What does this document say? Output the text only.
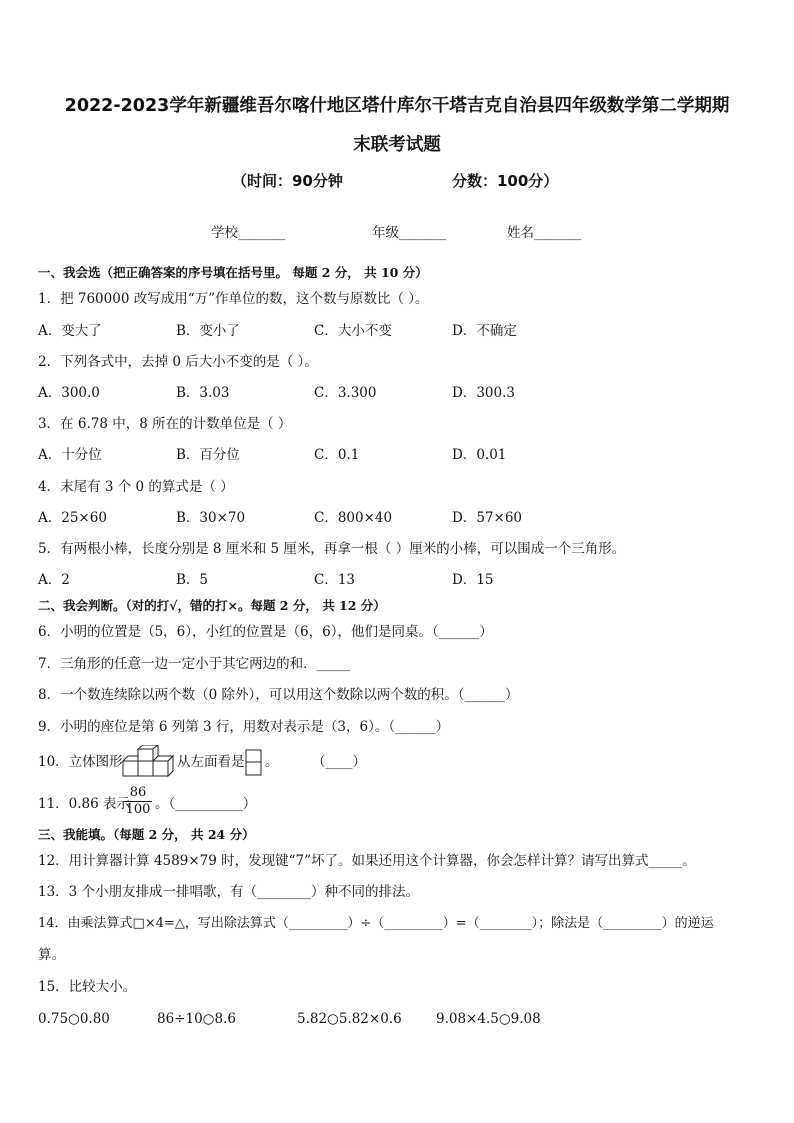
2022-2023学年新疆维吾尔喀什地区塔什库尔干塔吉克自治县四年级数学第二学期期
末联考试题
（时间：90分钟	分数：100分）
学校_______	年级_______	姓名_______
一、我会选（把正确答案的序号填在括号里。 每题 2 分， 共 10 分）
1．把 760000 改写成用“万”作单位的数，这个数与原数比（ ）。
A．变大了	B．变小了	C．大小不变	D．不确定
2．下列各式中，去掉 0 后大小不变的是（ ）。
A．300.0	B．3.03	C．3.300	D．300.3
3．在 6.78 中，8 所在的计数单位是（ ）
A．十分位	B．百分位	C．0.1	D．0.01
4．末尾有 3 个 0 的算式是（ ）
A．25×60	B．30×70	C．800×40	D．57×60
5．有两根小棒，长度分别是 8 厘米和 5 厘米，再拿一根（ ）厘米的小棒，可以围成一个三角形。
A．2	B．5	C．13	D．15
二、我会判断。（对的打√，错的打×。每题 2 分， 共 12 分）
6．小明的位置是（5，6），小红的位置是（6，6），他们是同桌。（______）
7．三角形的任意一边一定小于其它两边的和．_____
8．一个数连续除以两个数（0 除外），可以用这个数除以两个数的积。（______）
9．小明的座位是第 6 列第 3 行，用数对表示是（3，6）。（______）
10．立体图形	从左面看是 。 （____）
11．0.86 表示
$\frac{86}{100}$ 。（__________）
三、我能填。（每题 2 分， 共 24 分）
12．用计算器计算 4589×79 时，发现键“7”坏了。如果还用这个计算器，你会怎样计算？请写出算式_____。
13．3 个小朋友排成一排唱歌，有（________）种不同的排法。
14．由乘法算式□×4=△，写出除法算式（_________）÷（_________）=（________）；除法是（_________）的逆运
算。
15．比较大小。
0.75○0.80	86÷10○8.6	5.82○5.82×0.6	9.08×4.5○9.08
